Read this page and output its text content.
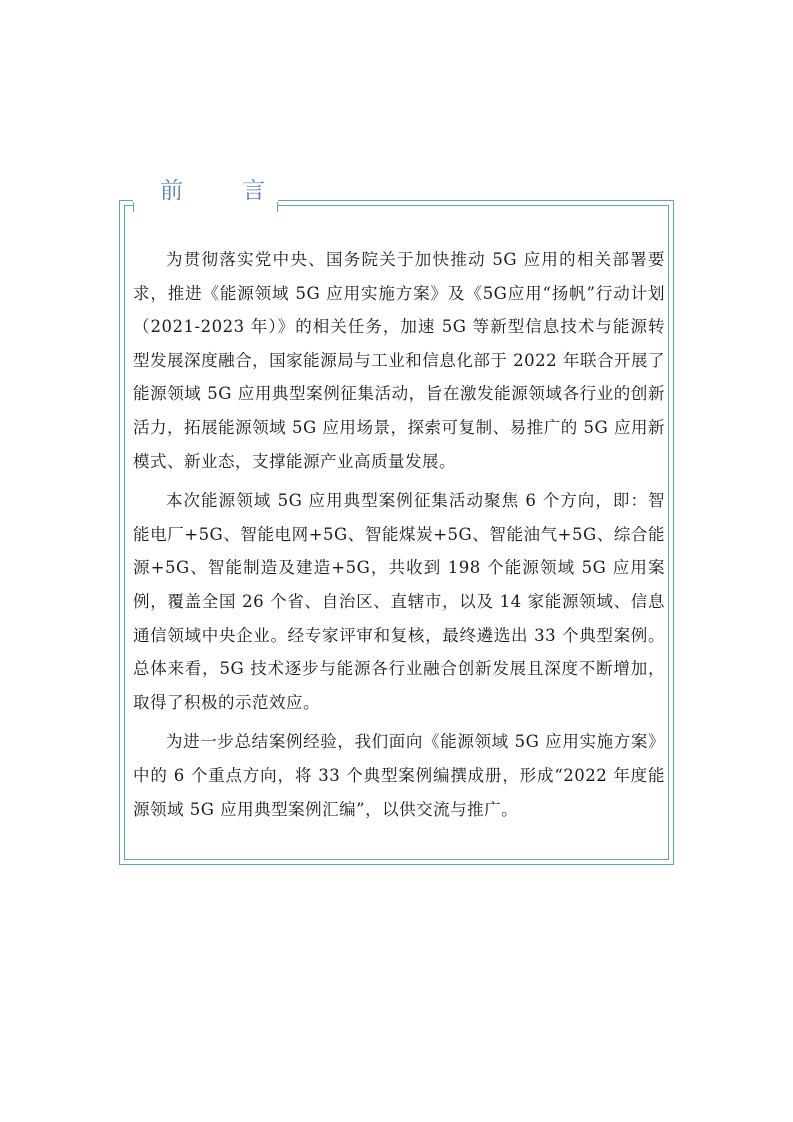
前 言

为贯彻落实党中央、国务院关于加快推动 5G 应用的相关部署要求，推进《能源领域 5G 应用实施方案》及《5G应用“扬帆”行动计划（2021-2023 年）》的相关任务，加速 5G 等新型信息技术与能源转型发展深度融合，国家能源局与工业和信息化部于 2022 年联合开展了能源领域 5G 应用典型案例征集活动，旨在激发能源领域各行业的创新活力，拓展能源领域 5G 应用场景，探索可复制、易推广的 5G 应用新模式、新业态，支撑能源产业高质量发展。

本次能源领域 5G 应用典型案例征集活动聚焦 6 个方向，即：智能电厂+5G、智能电网+5G、智能煤炭+5G、智能油气+5G、综合能源+5G、智能制造及建造+5G，共收到 198 个能源领域 5G 应用案例，覆盖全国 26 个省、自治区、直辖市，以及 14 家能源领域、信息通信领域中央企业。经专家评审和复核，最终遴选出 33 个典型案例。总体来看，5G 技术逐步与能源各行业融合创新发展且深度不断增加，取得了积极的示范效应。

为进一步总结案例经验，我们面向《能源领域 5G 应用实施方案》中的 6 个重点方向，将 33 个典型案例编撰成册，形成“2022 年度能源领域 5G 应用典型案例汇编”，以供交流与推广。
